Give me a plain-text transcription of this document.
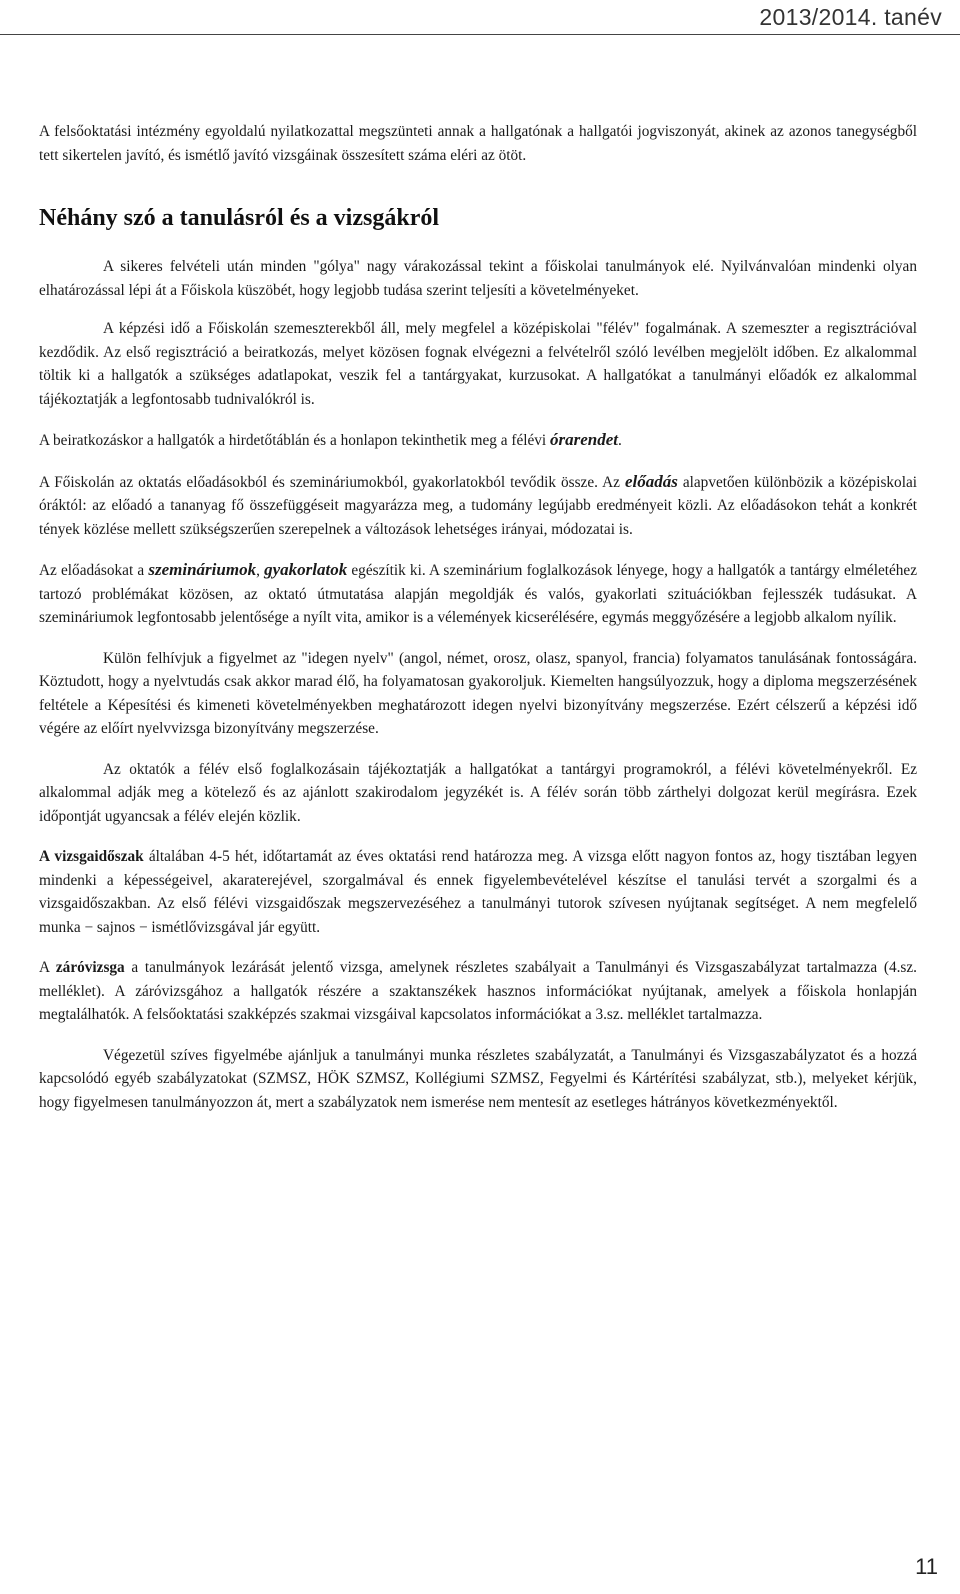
2013/2014. tanév

A felsőoktatási intézmény egyoldalú nyilatkozattal megszünteti annak a hallgatónak a hallgatói jogviszonyát, akinek az azonos tanegységből tett sikertelen javító, és ismétlő javító vizsgáinak összesített száma eléri az ötöt.

Néhány szó a tanulásról és a vizsgákról

A sikeres felvételi után minden "gólya" nagy várakozással tekint a főiskolai tanulmányok elé. Nyilvánvalóan mindenki olyan elhatározással lépi át a Főiskola küszöbét, hogy legjobb tudása szerint teljesíti a követelményeket.

A képzési idő a Főiskolán szemeszterekből áll, mely megfelel a középiskolai "félév" fogalmának. A szemeszter a regisztrációval kezdődik. Az első regisztráció a beiratkozás, melyet közösen fognak elvégezni a felvételről szóló levélben megjelölt időben. Ez alkalommal töltik ki a hallgatók a szükséges adatlapokat, veszik fel a tantárgyakat, kurzusokat. A hallgatókat a tanulmányi előadók ez alkalommal tájékoztatják a legfontosabb tudnivalókról is.

A beiratkozáskor a hallgatók a hirdetőtáblán és a honlapon tekinthetik meg a félévi órarendet.

A Főiskolán az oktatás előadásokból és szemináriumokból, gyakorlatokból tevődik össze. Az előadás alapvetően különbözik a középiskolai óráktól: az előadó a tananyag fő összefüggéseit magyarázza meg, a tudomány legújabb eredményeit közli. Az előadásokon tehát a konkrét tények közlése mellett szükségszerűen szerepelnek a változások lehetséges irányai, módozatai is.

Az előadásokat a szemináriumok, gyakorlatok egészítik ki. A szeminárium foglalkozások lényege, hogy a hallgatók a tantárgy elméletéhez tartozó problémákat közösen, az oktató útmutatása alapján megoldják és valós, gyakorlati szituációkban fejlesszék tudásukat. A szemináriumok legfontosabb jelentősége a nyílt vita, amikor is a vélemények kicserélésére, egymás meggyőzésére a legjobb alkalom nyílik.

Külön felhívjuk a figyelmet az "idegen nyelv" (angol, német, orosz, olasz, spanyol, francia) folyamatos tanulásának fontosságára. Köztudott, hogy a nyelvtudás csak akkor marad élő, ha folyamatosan gyakoroljuk. Kiemelten hangsúlyozzuk, hogy a diploma megszerzésének feltétele a Képesítési és kimeneti követelményekben meghatározott idegen nyelvi bizonyítvány megszerzése. Ezért célszerű a képzési idő végére az előírt nyelvvizsga bizonyítvány megszerzése.

Az oktatók a félév első foglalkozásain tájékoztatják a hallgatókat a tantárgyi programokról, a félévi követelményekről. Ez alkalommal adják meg a kötelező és az ajánlott szakirodalom jegyzékét is. A félév során több zárthelyi dolgozat kerül megírásra. Ezek időpontját ugyancsak a félév elején közlik.

A vizsgaidőszak általában 4-5 hét, időtartamát az éves oktatási rend határozza meg. A vizsga előtt nagyon fontos az, hogy tisztában legyen mindenki a képességeivel, akaraterejével, szorgalmával és ennek figyelembevételével készítse el tanulási tervét a szorgalmi és a vizsgaidőszakban. Az első félévi vizsgaidőszak megszervezéséhez a tanulmányi tutorok szívesen nyújtanak segítséget. A nem megfelelő munka − sajnos − ismétlővizsgával jár együtt.

A záróvizsga a tanulmányok lezárását jelentő vizsga, amelynek részletes szabályait a Tanulmányi és Vizsgaszabályzat tartalmazza (4.sz. melléklet). A záróvizsgához a hallgatók részére a szaktanszékek hasznos információkat nyújtanak, amelyek a főiskola honlapján megtalálhatók. A felsőoktatási szakképzés szakmai vizsgáival kapcsolatos információkat a 3.sz. melléklet tartalmazza.

Végezetül szíves figyelmébe ajánljuk a tanulmányi munka részletes szabályzatát, a Tanulmányi és Vizsgaszabályzatot és a hozzá kapcsolódó egyéb szabályzatokat (SZMSZ, HÖK SZMSZ, Kollégiumi SZMSZ, Fegyelmi és Kártérítési szabályzat, stb.), melyeket kérjük, hogy figyelmesen tanulmányozzon át, mert a szabályzatok nem ismerése nem mentesít az esetleges hátrányos következményektől.

11
